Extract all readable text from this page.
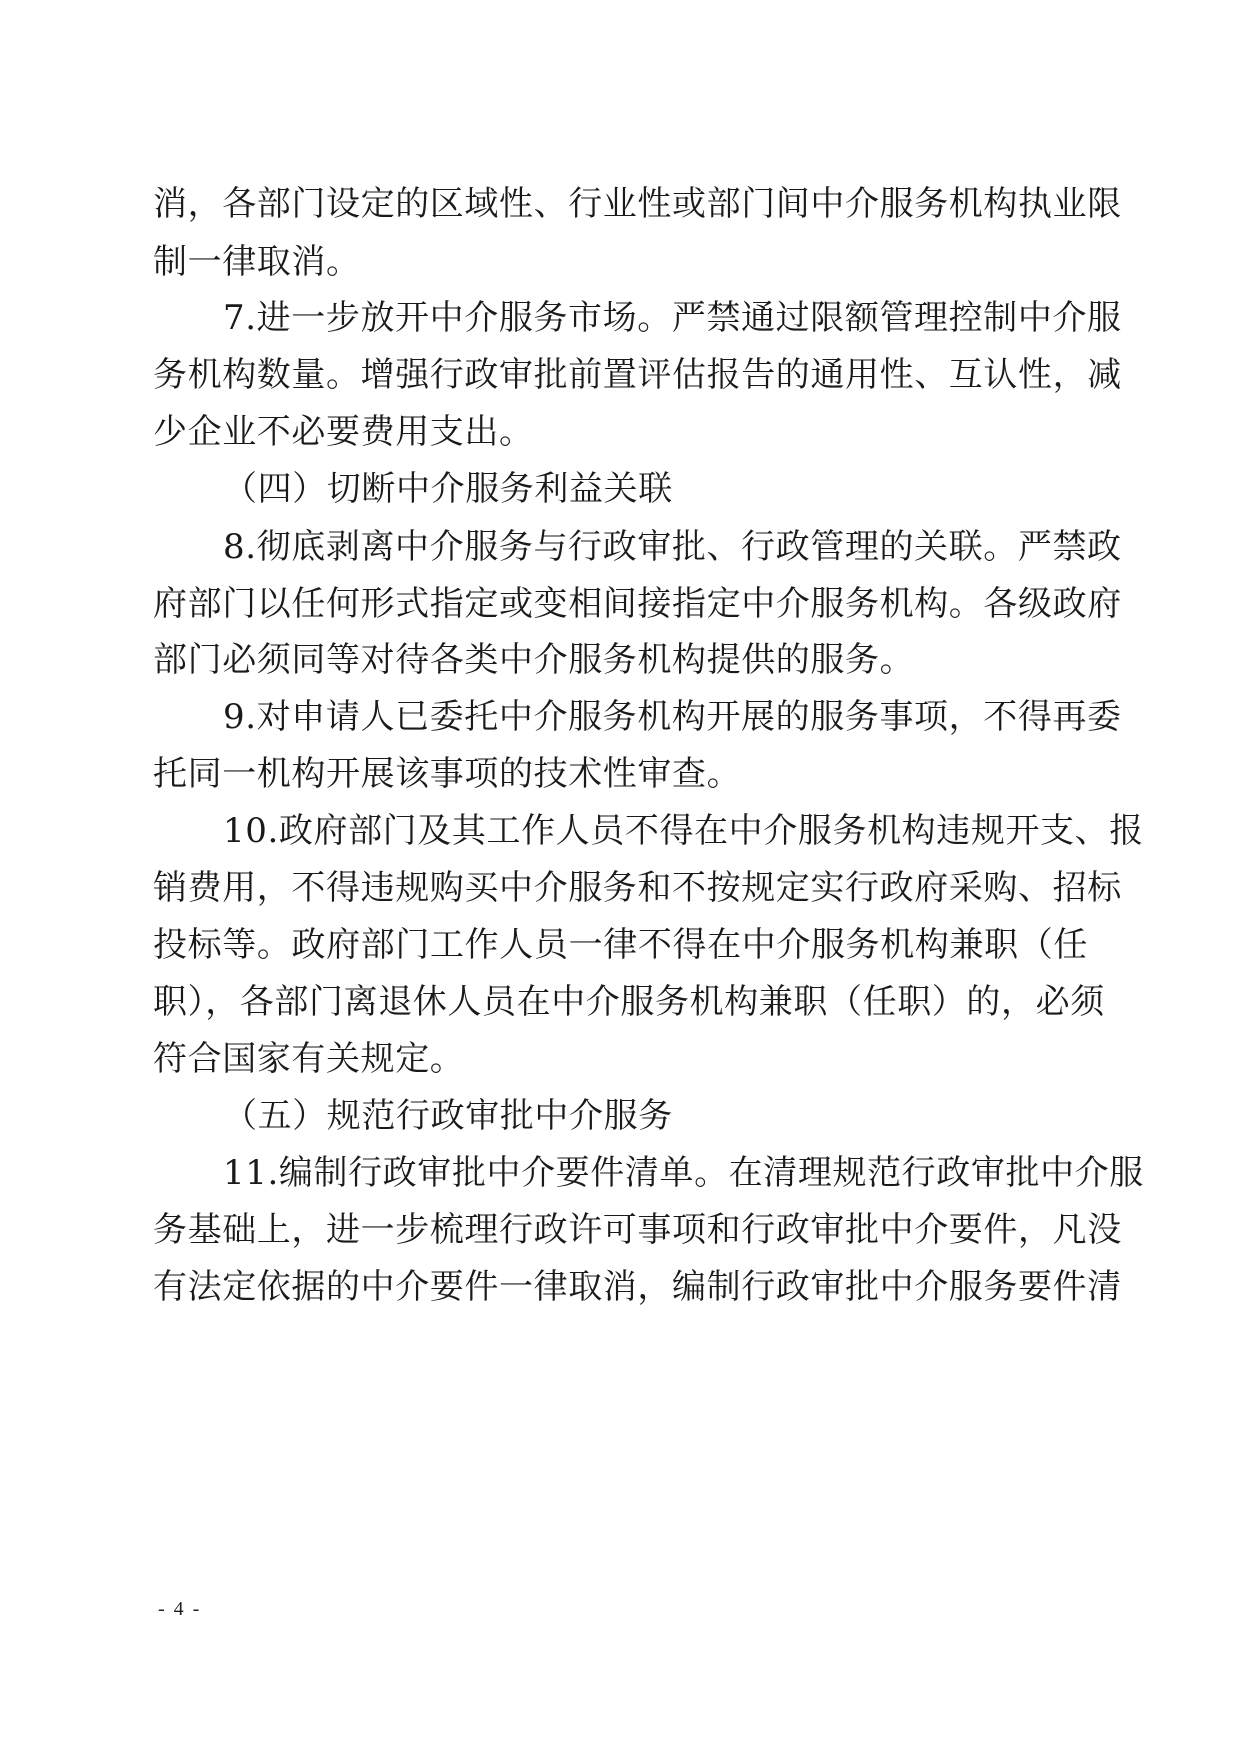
消，各部门设定的区域性、行业性或部门间中介服务机构执业限
制一律取消。
7.进一步放开中介服务市场。严禁通过限额管理控制中介服
务机构数量。增强行政审批前置评估报告的通用性、互认性，减
少企业不必要费用支出。
（四）切断中介服务利益关联
8.彻底剥离中介服务与行政审批、行政管理的关联。严禁政
府部门以任何形式指定或变相间接指定中介服务机构。各级政府
部门必须同等对待各类中介服务机构提供的服务。
9.对申请人已委托中介服务机构开展的服务事项，不得再委
托同一机构开展该事项的技术性审查。
10.政府部门及其工作人员不得在中介服务机构违规开支、报
销费用，不得违规购买中介服务和不按规定实行政府采购、招标
投标等。政府部门工作人员一律不得在中介服务机构兼职（任
职），各部门离退休人员在中介服务机构兼职（任职）的，必须
符合国家有关规定。
（五）规范行政审批中介服务
11.编制行政审批中介要件清单。在清理规范行政审批中介服
务基础上，进一步梳理行政许可事项和行政审批中介要件，凡没
有法定依据的中介要件一律取消，编制行政审批中介服务要件清
- 4 -
